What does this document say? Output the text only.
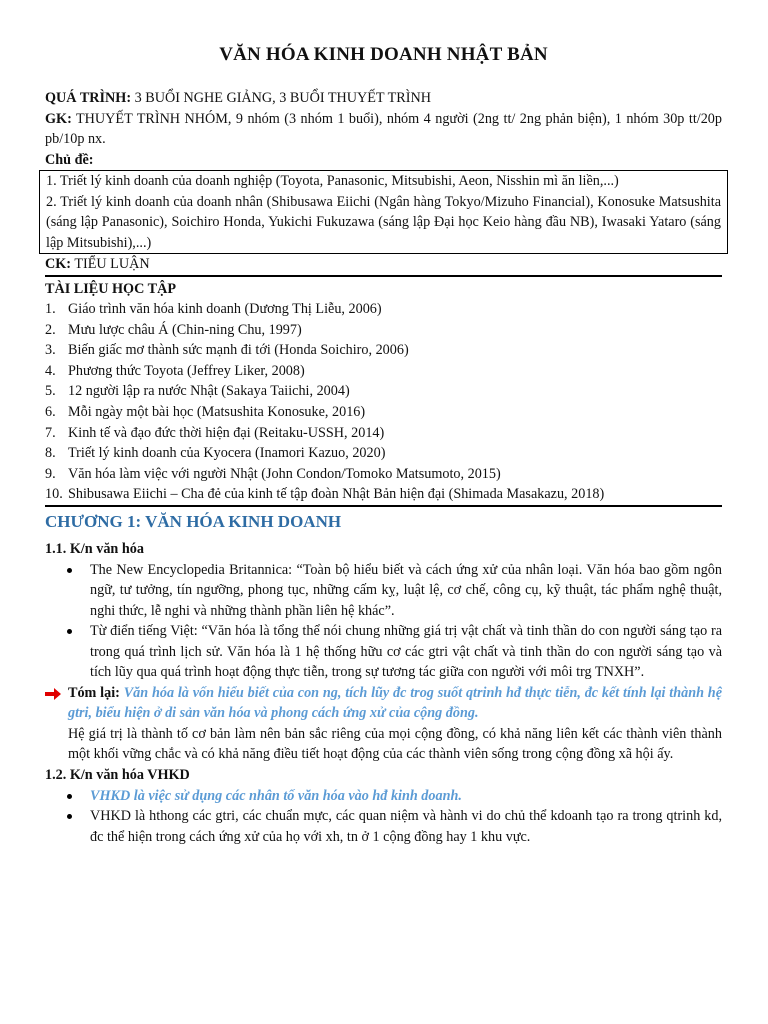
VĂN HÓA KINH DOANH NHẬT BẢN

QUÁ TRÌNH: 3 BUỔI NGHE GIẢNG, 3 BUỔI THUYẾT TRÌNH

GK: THUYẾT TRÌNH NHÓM, 9 nhóm (3 nhóm 1 buổi), nhóm 4 người (2ng tt/ 2ng phản biện), 1 nhóm 30p tt/20p pb/10p nx.

Chủ đề:

1. Triết lý kinh doanh của doanh nghiệp (Toyota, Panasonic, Mitsubishi, Aeon, Nisshin mì ăn liền,...)

2. Triết lý kinh doanh của doanh nhân (Shibusawa Eiichi (Ngân hàng Tokyo/Mizuho Financial), Konosuke Matsushita (sáng lập Panasonic), Soichiro Honda, Yukichi Fukuzawa (sáng lập Đại học Keio hàng đầu NB), Iwasaki Yataro (sáng lập Mitsubishi),...)

CK: TIỂU LUẬN

TÀI LIỆU HỌC TẬP

1. Giáo trình văn hóa kinh doanh (Dương Thị Liễu, 2006)
2. Mưu lược châu Á (Chin-ning Chu, 1997)
3. Biến giấc mơ thành sức mạnh đi tới (Honda Soichiro, 2006)
4. Phương thức Toyota (Jeffrey Liker, 2008)
5. 12 người lập ra nước Nhật (Sakaya Taiichi, 2004)
6. Mỗi ngày một bài học (Matsushita Konosuke, 2016)
7. Kinh tế và đạo đức thời hiện đại (Reitaku-USSH, 2014)
8. Triết lý kinh doanh của Kyocera (Inamori Kazuo, 2020)
9. Văn hóa làm việc với người Nhật (John Condon/Tomoko Matsumoto, 2015)
10. Shibusawa Eiichi – Cha đẻ của kinh tế tập đoàn Nhật Bản hiện đại (Shimada Masakazu, 2018)
CHƯƠNG 1: VĂN HÓA KINH DOANH
1.1. K/n văn hóa
The New Encyclopedia Britannica: “Toàn bộ hiểu biết và cách ứng xử của nhân loại. Văn hóa bao gồm ngôn ngữ, tư tưởng, tín ngưỡng, phong tục, những cấm kỵ, luật lệ, cơ chế, công cụ, kỹ thuật, tác phẩm nghệ thuật, nghi thức, lễ nghi và những thành phần liên hệ khác”.
Từ điển tiếng Việt: “Văn hóa là tổng thể nói chung những giá trị vật chất và tinh thần do con người sáng tạo ra trong quá trình lịch sử. Văn hóa là 1 hệ thống hữu cơ các gtri vật chất và tinh thần do con người sáng tạo và tích lũy qua quá trình hoạt động thực tiễn, trong sự tương tác giữa con người với môi trg TNXH”.
Tóm lại: Văn hóa là vốn hiểu biết của con ng, tích lũy đc trog suốt qtrinh hđ thực tiễn, đc kết tính lại thành hệ gtri, biểu hiện ở di sản văn hóa và phong cách ứng xử của cộng đồng.
Hệ giá trị là thành tố cơ bản làm nên bản sắc riêng của mọi cộng đồng, có khả năng liên kết các thành viên thành một khối vững chắc và có khả năng điều tiết hoạt động của các thành viên sống trong cộng đồng xã hội ấy.
1.2. K/n văn hóa VHKD
VHKD là việc sử dụng các nhân tố văn hóa vào hđ kinh doanh.
VHKD là hthong các gtri, các chuẩn mực, các quan niệm và hành vi do chủ thể kdoanh tạo ra trong qtrinh kd, đc thể hiện trong cách ứng xử của họ với xh, tn ở 1 cộng đồng hay 1 khu vực.
